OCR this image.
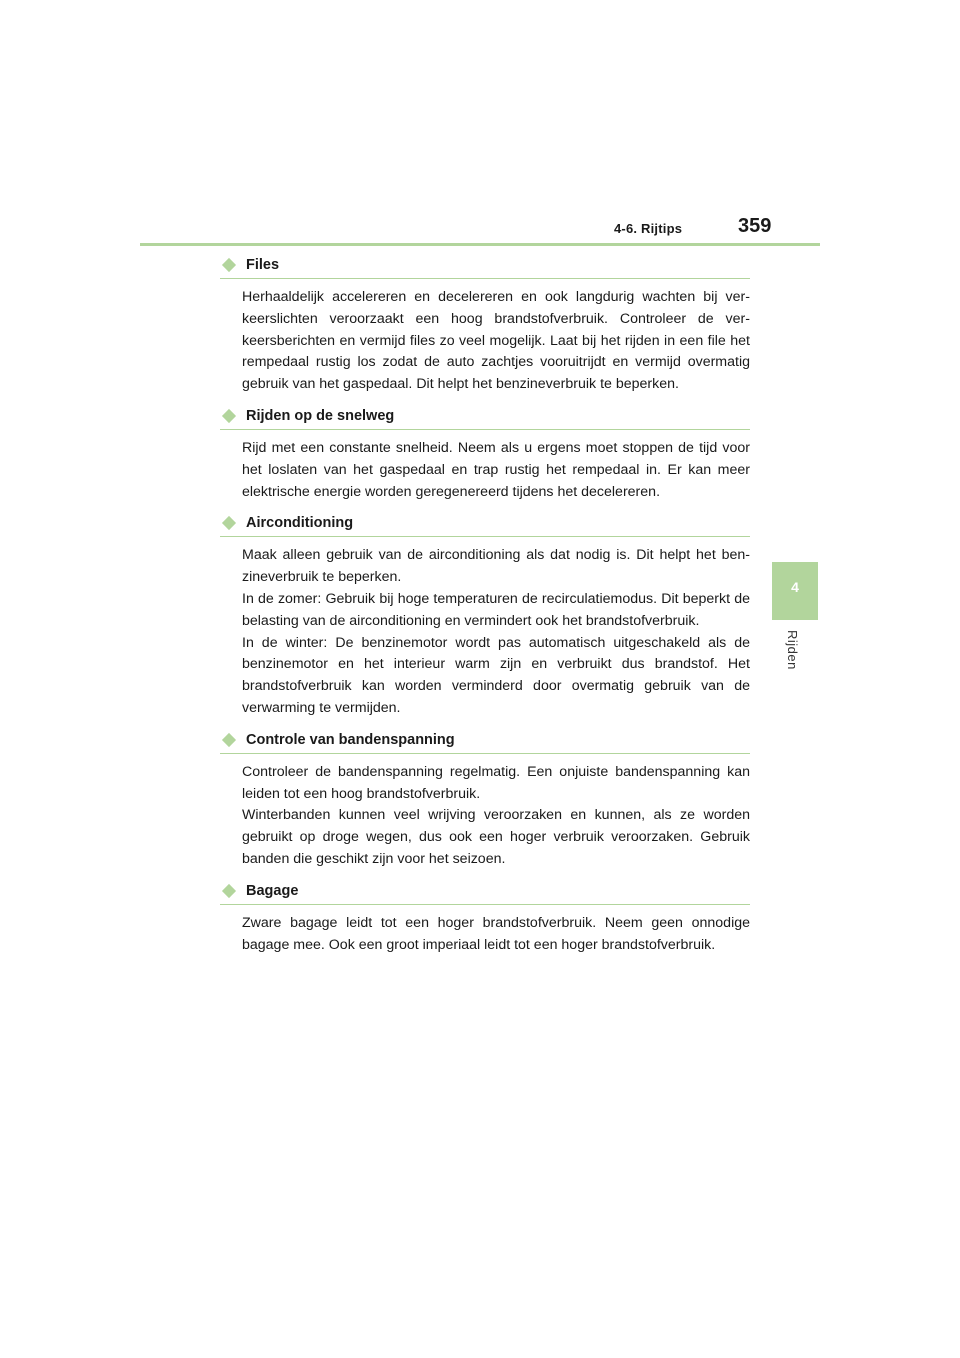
4-6. Rijtips	359
4
Rijden
Files

Herhaaldelijk accelereren en decelereren en ook langdurig wachten bij verkeerslichten veroorzaakt een hoog brandstofverbruik. Controleer de verkeersberichten en vermijd files zo veel mogelijk. Laat bij het rijden in een file het rempedaal rustig los zodat de auto zachtjes vooruitrijdt en vermijd overmatig gebruik van het gaspedaal. Dit helpt het benzineverbruik te beperken.

Rijden op de snelweg

Rijd met een constante snelheid. Neem als u ergens moet stoppen de tijd voor het loslaten van het gaspedaal en trap rustig het rempedaal in. Er kan meer elektrische energie worden geregenereerd tijdens het decelereren.

Airconditioning

Maak alleen gebruik van de airconditioning als dat nodig is. Dit helpt het benzineverbruik te beperken.

In de zomer: Gebruik bij hoge temperaturen de recirculatiemodus. Dit beperkt de belasting van de airconditioning en vermindert ook het brandstofverbruik.

In de winter: De benzinemotor wordt pas automatisch uitgeschakeld als de benzinemotor en het interieur warm zijn en verbruikt dus brandstof. Het brandstofverbruik kan worden verminderd door overmatig gebruik van de verwarming te vermijden.

Controle van bandenspanning

Controleer de bandenspanning regelmatig. Een onjuiste bandenspanning kan leiden tot een hoog brandstofverbruik.

Winterbanden kunnen veel wrijving veroorzaken en kunnen, als ze worden gebruikt op droge wegen, dus ook een hoger verbruik veroorzaken. Gebruik banden die geschikt zijn voor het seizoen.

Bagage

Zware bagage leidt tot een hoger brandstofverbruik. Neem geen onnodige bagage mee. Ook een groot imperiaal leidt tot een hoger brandstofverbruik.
